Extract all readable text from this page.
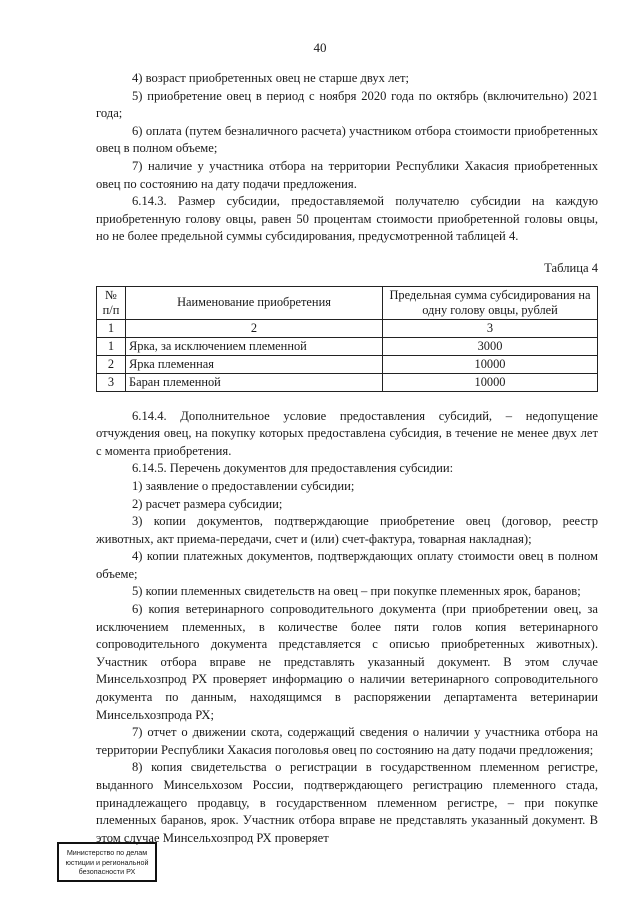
40

4) возраст приобретенных овец не старше двух лет;

5) приобретение овец в период с ноября 2020 года по октябрь (включительно) 2021 года;

6) оплата (путем безналичного расчета) участником отбора стоимости приобретенных овец в полном объеме;

7) наличие у участника отбора на территории Республики Хакасия приобретенных овец по состоянию на дату подачи предложения.

6.14.3. Размер субсидии, предоставляемой получателю субсидии на каждую приобретенную голову овцы, равен 50 процентам стоимости приобретенной головы овцы, но не более предельной суммы субсидирования, предусмотренной таблицей 4.

Таблица 4
№ п/п	Наименование приобретения	Предельная сумма субсидирования на одну голову овцы, рублей
1	2	3
1	Ярка, за исключением племенной	3000
2	Ярка племенная	10000
3	Баран племенной	10000

6.14.4. Дополнительное условие предоставления субсидий, – недопущение отчуждения овец, на покупку которых предоставлена субсидия, в течение не менее двух лет с момента приобретения.

6.14.5. Перечень документов для предоставления субсидии:

1) заявление о предоставлении субсидии;

2) расчет размера субсидии;

3) копии документов, подтверждающие приобретение овец (договор, реестр животных, акт приема-передачи, счет и (или) счет-фактура, товарная накладная);

4) копии платежных документов, подтверждающих оплату стоимости овец в полном объеме;

5) копии племенных свидетельств на овец – при покупке племенных ярок, баранов;

6) копия ветеринарного сопроводительного документа (при приобретении овец, за исключением племенных, в количестве более пяти голов копия ветеринарного сопроводительного документа представляется с описью приобретенных животных). Участник отбора вправе не представлять указанный документ. В этом случае Минсельхозпрод РХ проверяет информацию о наличии ветеринарного сопроводительного документа по данным, находящимся в распоряжении департамента ветеринарии Минсельхозпрода РХ;

7) отчет о движении скота, содержащий сведения о наличии у участника отбора на территории Республики Хакасия поголовья овец по состоянию на дату подачи предложения;

8) копия свидетельства о регистрации в государственном племенном регистре, выданного Минсельхозом России, подтверждающего регистрацию племенного стада, принадлежащего продавцу, в государственном племенном регистре, – при покупке племенных баранов, ярок. Участник отбора вправе не представлять указанный документ. В этом случае Минсельхозпрод РХ проверяет

Министерство по делам
юстиции и региональной
безопасности РХ
